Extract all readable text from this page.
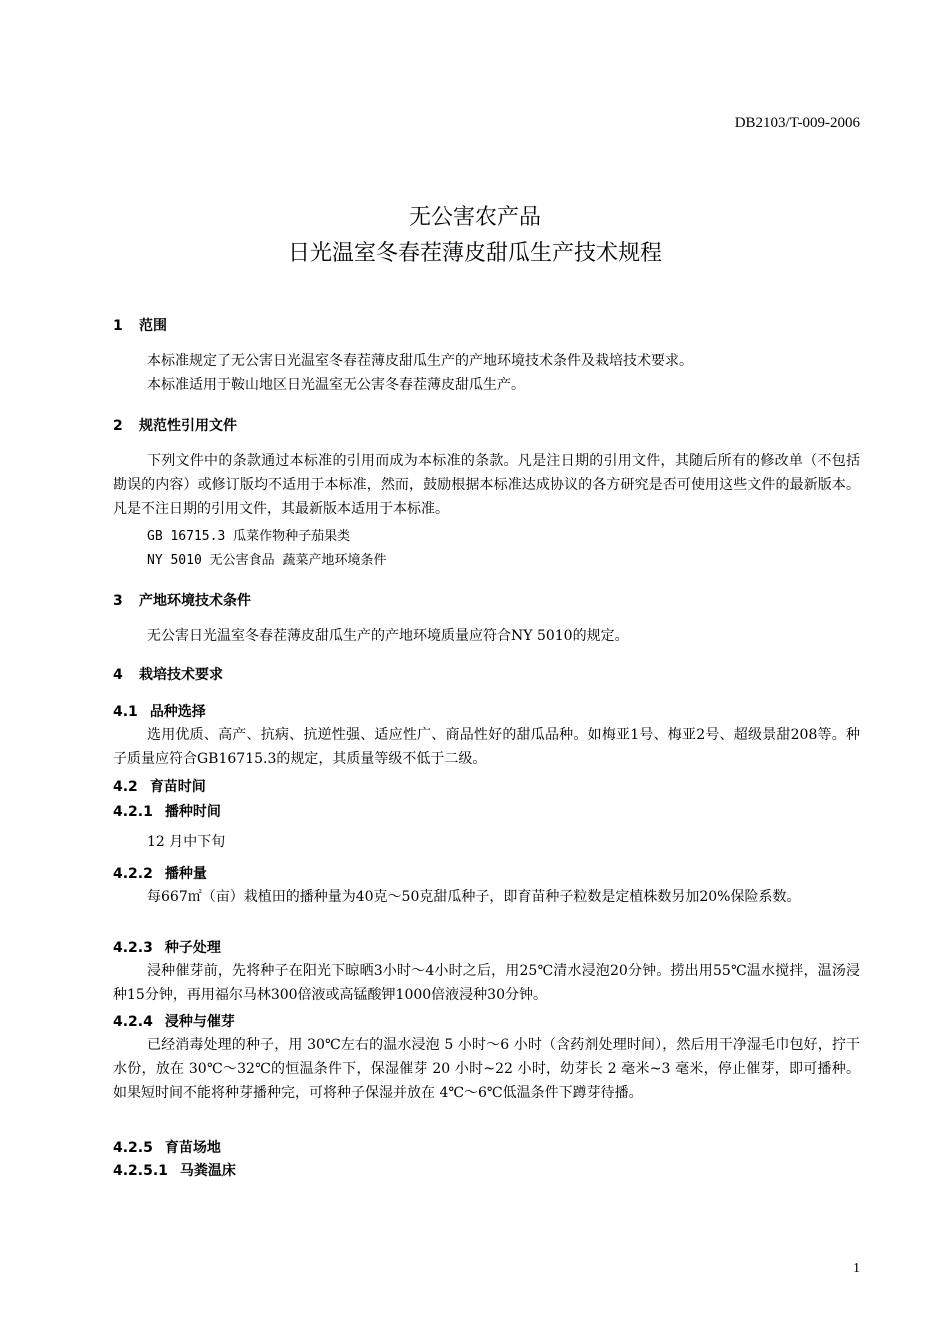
DB2103/T-009-2006
无公害农产品
日光温室冬春茬薄皮甜瓜生产技术规程
1 范围
本标准规定了无公害日光温室冬春茬薄皮甜瓜生产的产地环境技术条件及栽培技术要求。
本标准适用于鞍山地区日光温室无公害冬春茬薄皮甜瓜生产。
2 规范性引用文件

下列文件中的条款通过本标准的引用而成为本标准的条款。凡是注日期的引用文件，其随后所有的修改单（不包括勘误的内容）或修订版均不适用于本标准，然而，鼓励根据本标准达成协议的各方研究是否可使用这些文件的最新版本。凡是不注日期的引用文件，其最新版本适用于本标准。

GB 16715.3 瓜菜作物种子茄果类
NY 5010 无公害食品 蔬菜产地环境条件
3 产地环境技术条件
无公害日光温室冬春茬薄皮甜瓜生产的产地环境质量应符合NY 5010的规定。
4 栽培技术要求
4.1 品种选择

选用优质、高产、抗病、抗逆性强、适应性广、商品性好的甜瓜品种。如梅亚1号、梅亚2号、超级景甜208等。种子质量应符合GB16715.3的规定，其质量等级不低于二级。

4.2 育苗时间
4.2.1 播种时间
12 月中下旬
4.2.2 播种量

每667㎡（亩）栽植田的播种量为40克～50克甜瓜种子，即育苗种子粒数是定植株数另加20%保险系数。

4.2.3 种子处理

浸种催芽前，先将种子在阳光下晾晒3小时～4小时之后，用25℃清水浸泡20分钟。捞出用55℃温水搅拌，温汤浸种15分钟，再用福尔马林300倍液或高锰酸钾1000倍液浸种30分钟。

4.2.4 浸种与催芽

已经消毒处理的种子，用 30℃左右的温水浸泡 5 小时～6 小时（含药剂处理时间），然后用干净湿毛巾包好，拧干水份，放在 30℃～32℃的恒温条件下，保湿催芽 20 小时~22 小时，幼芽长 2 毫米~3 毫米，停止催芽，即可播种。如果短时间不能将种芽播种完，可将种子保湿并放在 4℃～6℃低温条件下蹲芽待播。

4.2.5 育苗场地
4.2.5.1 马粪温床
1
